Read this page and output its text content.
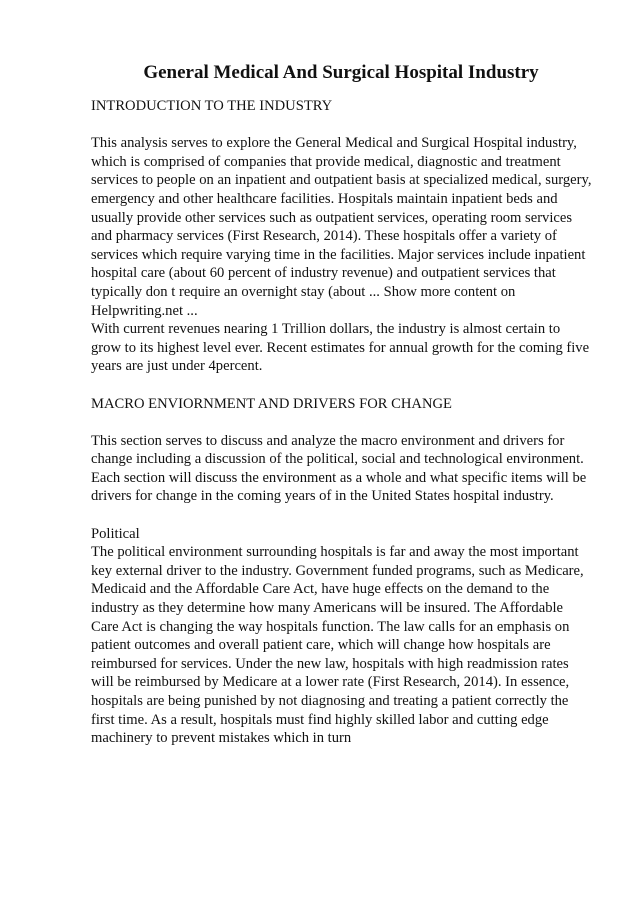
General Medical And Surgical Hospital Industry
INTRODUCTION TO THE INDUSTRY
This analysis serves to explore the General Medical and Surgical Hospital industry,
which is comprised of companies that provide medical, diagnostic and treatment
services to people on an inpatient and outpatient basis at specialized medical, surgery,
emergency and other healthcare facilities. Hospitals maintain inpatient beds and
usually provide other services such as outpatient services, operating room services
and pharmacy services (First Research, 2014). These hospitals offer a variety of
services which require varying time in the facilities. Major services include inpatient
hospital care (about 60 percent of industry revenue) and outpatient services that
typically don t require an overnight stay (about ... Show more content on
Helpwriting.net ...
With current revenues nearing 1 Trillion dollars, the industry is almost certain to
grow to its highest level ever. Recent estimates for annual growth for the coming five
years are just under 4percent.
MACRO ENVIORNMENT AND DRIVERS FOR CHANGE
This section serves to discuss and analyze the macro environment and drivers for
change including a discussion of the political, social and technological environment.
Each section will discuss the environment as a whole and what specific items will be
drivers for change in the coming years of in the United States hospital industry.
Political
The political environment surrounding hospitals is far and away the most important
key external driver to the industry. Government funded programs, such as Medicare,
Medicaid and the Affordable Care Act, have huge effects on the demand to the
industry as they determine how many Americans will be insured. The Affordable
Care Act is changing the way hospitals function. The law calls for an emphasis on
patient outcomes and overall patient care, which will change how hospitals are
reimbursed for services. Under the new law, hospitals with high readmission rates
will be reimbursed by Medicare at a lower rate (First Research, 2014). In essence,
hospitals are being punished by not diagnosing and treating a patient correctly the
first time. As a result, hospitals must find highly skilled labor and cutting edge
machinery to prevent mistakes which in turn
